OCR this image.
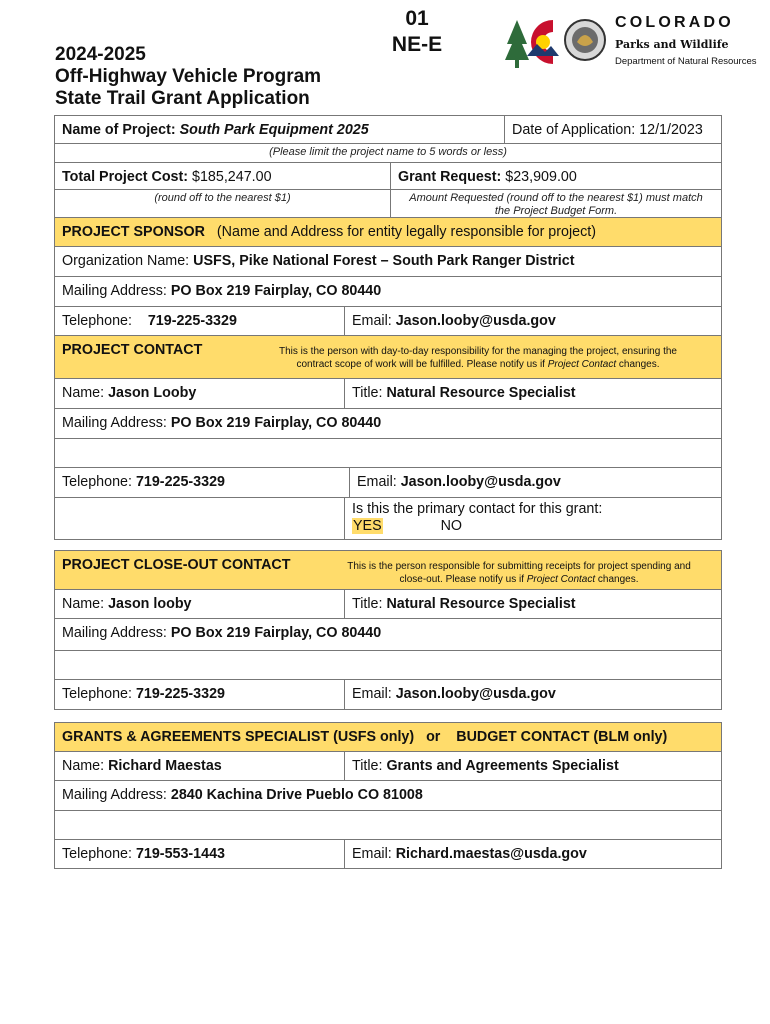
01
NE-E
2024-2025
Off-Highway Vehicle Program
State Trail Grant Application
COLORADO
Parks and Wildlife
Department of Natural Resources
Name of Project: South Park Equipment 2025	Date of Application: 12/1/2023
(Please limit the project name to 5 words or less)
Total Project Cost: $185,247.00	Grant Request: $23,909.00
(round off to the nearest $1)	Amount Requested (round off to the nearest $1) must match
the Project Budget Form.
PROJECT SPONSOR (Name and Address for entity legally responsible for project)
Organization Name: USFS, Pike National Forest – South Park Ranger District
Mailing Address: PO Box 219 Fairplay, CO 80440
Telephone: 719-225-3329	Email: Jason.looby@usda.gov
PROJECT CONTACT	This is the person with day-to-day responsibility for the managing the project, ensuring the
contract scope of work will be fulfilled. Please notify us if Project Contact changes.
Name: Jason Looby	Title: Natural Resource Specialist
Mailing Address: PO Box 219 Fairplay, CO 80440
Telephone: 719-225-3329	Email: Jason.looby@usda.gov
Is this the primary contact for this grant:
YES	NO
PROJECT CLOSE-OUT CONTACT	This is the person responsible for submitting receipts for project spending and
close-out. Please notify us if Project Contact changes.
Name: Jason looby	Title: Natural Resource Specialist
Mailing Address: PO Box 219 Fairplay, CO 80440
Telephone: 719-225-3329	Email: Jason.looby@usda.gov
GRANTS & AGREEMENTS SPECIALIST (USFS only) or BUDGET CONTACT (BLM only)
Name: Richard Maestas	Title: Grants and Agreements Specialist
Mailing Address: 2840 Kachina Drive Pueblo CO 81008
Telephone: 719-553-1443	Email: Richard.maestas@usda.gov
